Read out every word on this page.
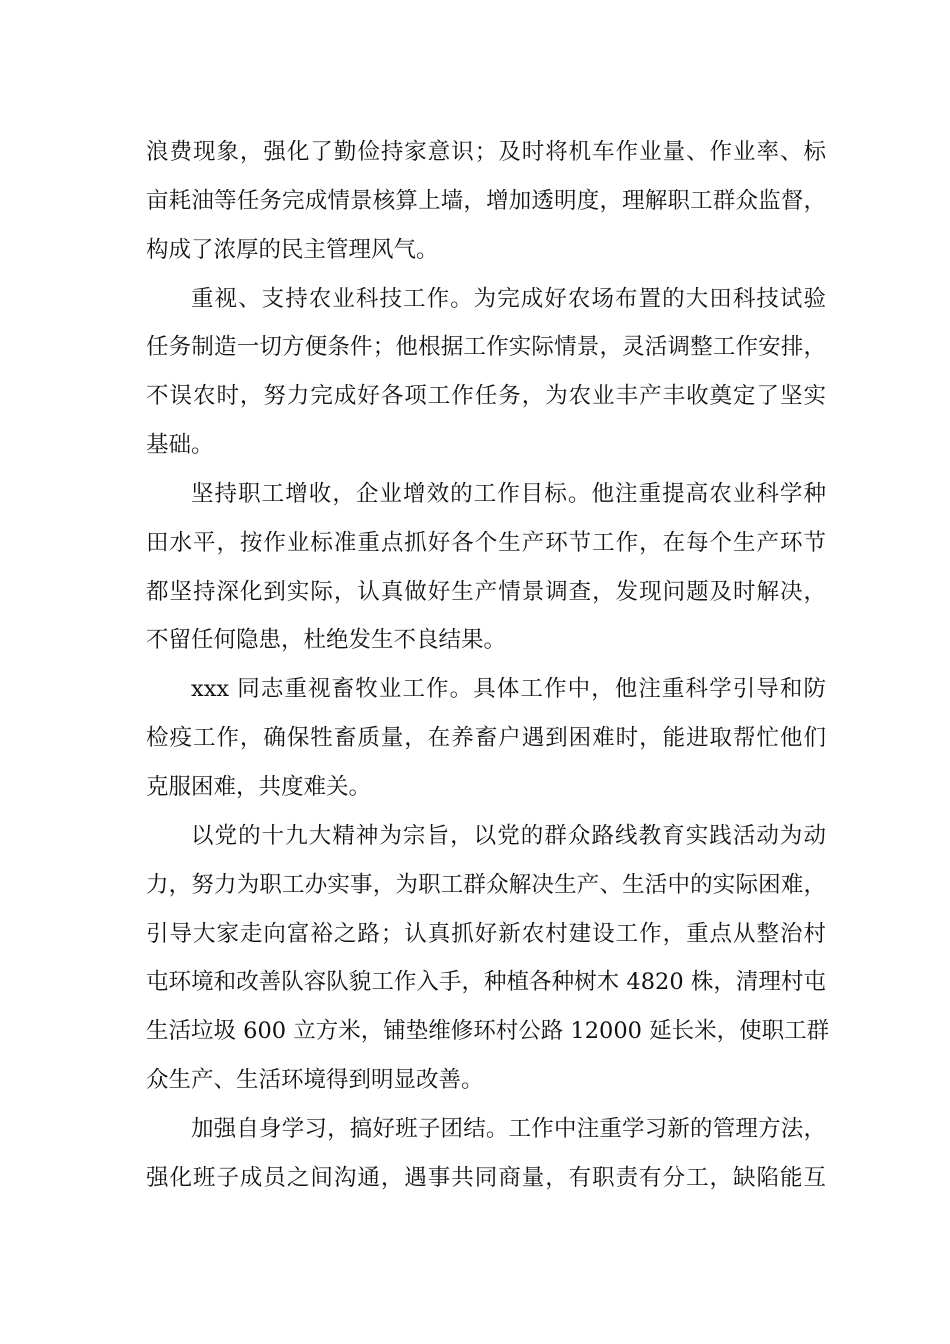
浪费现象，强化了勤俭持家意识；及时将机车作业量、作业率、标
亩耗油等任务完成情景核算上墙，增加透明度，理解职工群众监督，
构成了浓厚的民主管理风气。
重视、支持农业科技工作。为完成好农场布置的大田科技试验
任务制造一切方便条件；他根据工作实际情景，灵活调整工作安排，
不误农时，努力完成好各项工作任务，为农业丰产丰收奠定了坚实
基础。
坚持职工增收，企业增效的工作目标。他注重提高农业科学种
田水平，按作业标准重点抓好各个生产环节工作，在每个生产环节
都坚持深化到实际，认真做好生产情景调查，发现问题及时解决，
不留任何隐患，杜绝发生不良结果。
xxx 同志重视畜牧业工作。具体工作中，他注重科学引导和防
检疫工作，确保牲畜质量，在养畜户遇到困难时，能进取帮忙他们
克服困难，共度难关。
以党的十九大精神为宗旨，以党的群众路线教育实践活动为动
力，努力为职工办实事，为职工群众解决生产、生活中的实际困难，
引导大家走向富裕之路；认真抓好新农村建设工作，重点从整治村
屯环境和改善队容队貌工作入手，种植各种树木 4820 株，清理村屯
生活垃圾 600 立方米，铺垫维修环村公路 12000 延长米，使职工群
众生产、生活环境得到明显改善。
加强自身学习，搞好班子团结。工作中注重学习新的管理方法，
强化班子成员之间沟通，遇事共同商量，有职责有分工，缺陷能互
